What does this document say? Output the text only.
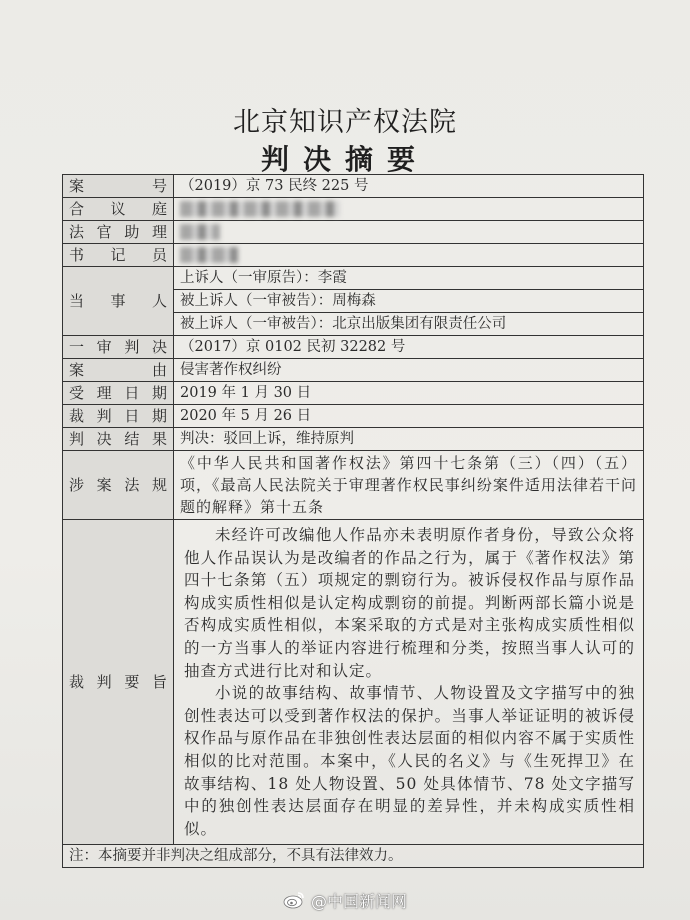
北京知识产权法院
判决摘要
案号	（2019）京 73 民终 225 号
合议庭	
法官助理	
书记员	
当事人	上诉人（一审原告）：李霞
	被上诉人（一审被告）：周梅森
	被上诉人（一审被告）：北京出版集团有限责任公司
一审判决	（2017）京 0102 民初 32282 号
案由	侵害著作权纠纷
受理日期	2019 年 1 月 30 日
裁判日期	2020 年 5 月 26 日
判决结果	判决：驳回上诉，维持原判
涉案法规	《中华人民共和国著作权法》第四十七条第（三）（四）（五）项，《最高人民法院关于审理著作权民事纠纷案件适用法律若干问题的解释》第十五条
裁判要旨	未经许可改编他人作品亦未表明原作者身份，导致公众将他人作品误认为是改编者的作品之行为，属于《著作权法》第四十七条第（五）项规定的剽窃行为。被诉侵权作品与原作品构成实质性相似是认定构成剽窃的前提。判断两部长篇小说是否构成实质性相似，本案采取的方式是对主张构成实质性相似的一方当事人的举证内容进行梳理和分类，按照当事人认可的抽查方式进行比对和认定。
小说的故事结构、故事情节、人物设置及文字描写中的独创性表达可以受到著作权法的保护。当事人举证证明的被诉侵权作品与原作品在非独创性表达层面的相似内容不属于实质性相似的比对范围。本案中，《人民的名义》与《生死捍卫》在故事结构、18 处人物设置、50 处具体情节、78 处文字描写中的独创性表达层面存在明显的差异性，并未构成实质性相似。

注：本摘要并非判决之组成部分，不具有法律效力。	
@中国新闻网
